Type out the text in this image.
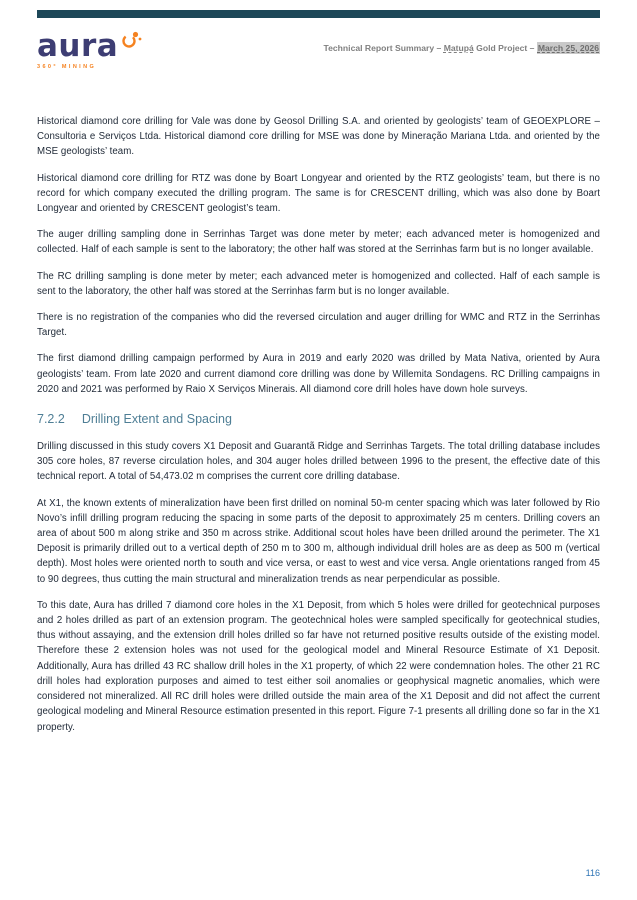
aura
360° MINING
Technical Report Summary – Matupá Gold Project – March 25, 2026

Historical diamond core drilling for Vale was done by Geosol Drilling S.A. and oriented by geologists’ team of GEOEXPLORE – Consultoria e Serviços Ltda. Historical diamond core drilling for MSE was done by Mineração Mariana Ltda. and oriented by the MSE geologists’ team.

Historical diamond core drilling for RTZ was done by Boart Longyear and oriented by the RTZ geologists’ team, but there is no record for which company executed the drilling program. The same is for CRESCENT drilling, which was also done by Boart Longyear and oriented by CRESCENT geologist’s team.

The auger drilling sampling done in Serrinhas Target was done meter by meter; each advanced meter is homogenized and collected. Half of each sample is sent to the laboratory; the other half was stored at the Serrinhas farm but is no longer available.

The RC drilling sampling is done meter by meter; each advanced meter is homogenized and collected. Half of each sample is sent to the laboratory, the other half was stored at the Serrinhas farm but is no longer available.

There is no registration of the companies who did the reversed circulation and auger drilling for WMC and RTZ in the Serrinhas Target.

The first diamond drilling campaign performed by Aura in 2019 and early 2020 was drilled by Mata Nativa, oriented by Aura geologists’ team. From late 2020 and current diamond core drilling was done by Willemita Sondagens. RC Drilling campaigns in 2020 and 2021 was performed by Raio X Serviços Minerais. All diamond core drill holes have down hole surveys.

7.2.2 Drilling Extent and Spacing

Drilling discussed in this study covers X1 Deposit and Guarantã Ridge and Serrinhas Targets. The total drilling database includes 305 core holes, 87 reverse circulation holes, and 304 auger holes drilled between 1996 to the present, the effective date of this technical report. A total of 54,473.02 m comprises the current core drilling database.

At X1, the known extents of mineralization have been first drilled on nominal 50-m center spacing which was later followed by Rio Novo’s infill drilling program reducing the spacing in some parts of the deposit to approximately 25 m centers. Drilling covers an area of about 500 m along strike and 350 m across strike. Additional scout holes have been drilled around the perimeter. The X1 Deposit is primarily drilled out to a vertical depth of 250 m to 300 m, although individual drill holes are as deep as 500 m (vertical depth). Most holes were oriented north to south and vice versa, or east to west and vice versa. Angle orientations ranged from 45 to 90 degrees, thus cutting the main structural and mineralization trends as near perpendicular as possible.

To this date, Aura has drilled 7 diamond core holes in the X1 Deposit, from which 5 holes were drilled for geotechnical purposes and 2 holes drilled as part of an extension program. The geotechnical holes were sampled specifically for geotechnical studies, thus without assaying, and the extension drill holes drilled so far have not returned positive results outside of the existing model. Therefore these 2 extension holes was not used for the geological model and Mineral Resource Estimate of X1 Deposit. Additionally, Aura has drilled 43 RC shallow drill holes in the X1 property, of which 22 were condemnation holes. The other 21 RC drill holes had exploration purposes and aimed to test either soil anomalies or geophysical magnetic anomalies, which were considered not mineralized. All RC drill holes were drilled outside the main area of the X1 Deposit and did not affect the current geological modeling and Mineral Resource estimation presented in this report. Figure 7-1 presents all drilling done so far in the X1 property.

116
